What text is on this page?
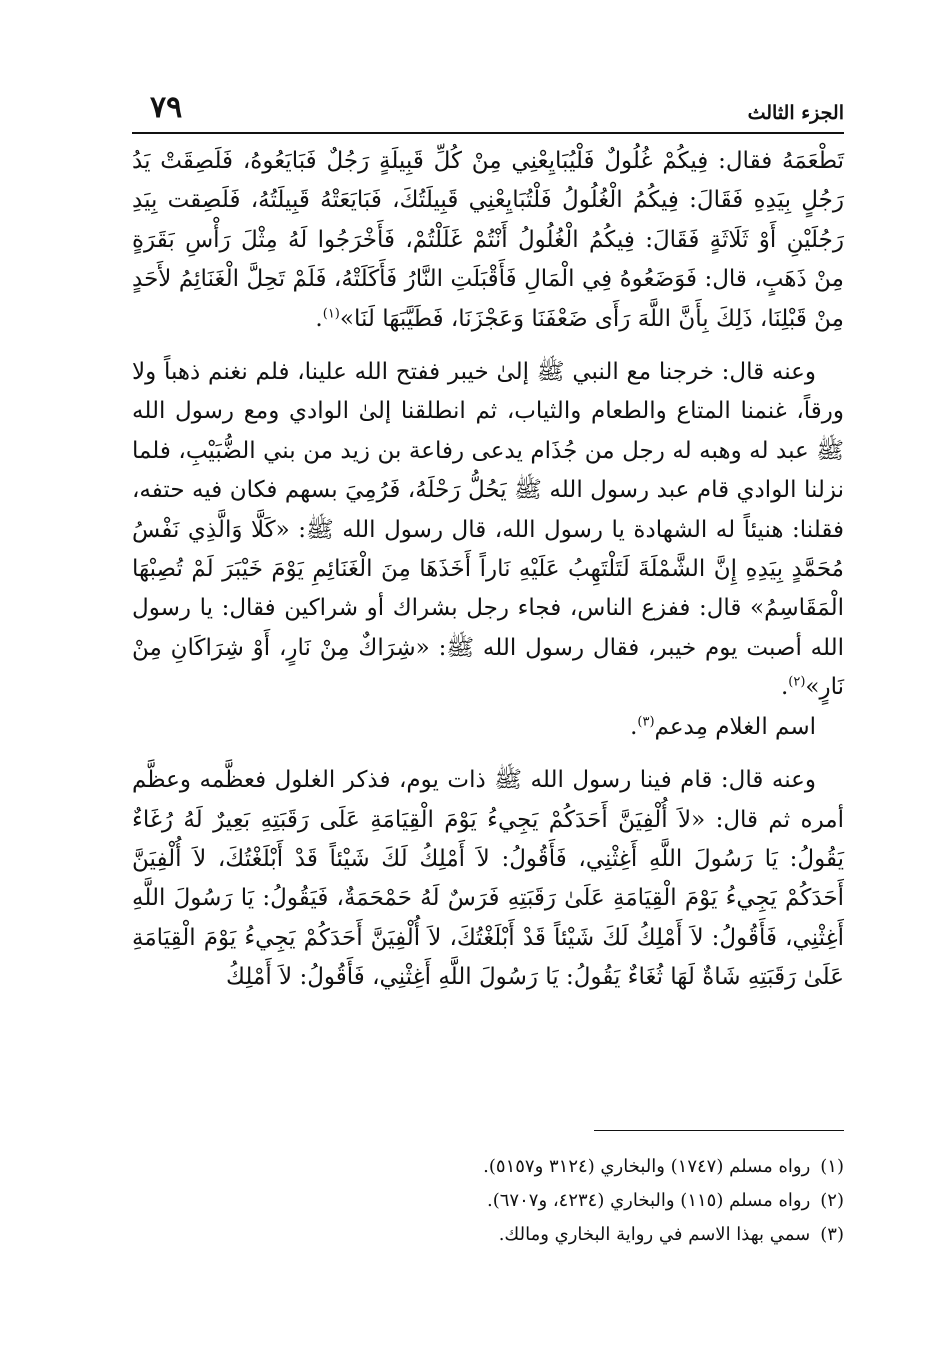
الجزء الثالث
٧٩

تَطْعَمَهُ فقال: فِيكُمْ غُلُولٌ فَلْيُبَايِعْنِي مِنْ كُلِّ قَبِيلَةٍ رَجُلٌ فَبَايَعُوهُ، فَلَصِقَتْ يَدُ رَجُلٍ بِيَدِهِ فَقَالَ: فِيكُمُ الْغُلُولُ فَلْتُبَايِعْنِي قَبِيلَتُكَ، فَبَايَعَتْهُ قَبِيلَتُهُ، فَلَصِقت بِيَدِ رَجُلَيْنِ أَوْ ثَلَاثَةٍ فَقَالَ: فِيكُمُ الْغُلُولُ أَنْتُمْ غَلَلْتُمْ، فَأَخْرَجُوا لَهُ مِثْلَ رَأْسِ بَقَرَةٍ مِنْ ذَهَبٍ، قال: فَوَضَعُوهُ فِي الْمَالِ فَأَقْبَلَتِ النَّارُ فَأَكَلَتْهُ، فَلَمْ تَحِلَّ الْغَنَائِمُ لأَحَدٍ مِنْ قَبْلِنَا، ذَلِكَ بِأَنَّ اللَّهَ رَأَى ضَعْفَنَا وَعَجْزَنَا، فَطَيَّبَهَا لَنَا»$^{(١)}$.

وعنه قال: خرجنا مع النبي ﷺ إلىٰ خيبر ففتح الله علينا، فلم نغنم ذهباً ولا ورقاً، غنمنا المتاع والطعام والثياب، ثم انطلقنا إلىٰ الوادي ومع رسول الله ﷺ عبد له وهبه له رجل من جُذَام يدعى رفاعة بن زيد من بني الضُّبَيْبِ، فلما نزلنا الوادي قام عبد رسول الله ﷺ يَحُلُّ رَحْلَهُ، فَرُمِيَ بسهم فكان فيه حتفه، فقلنا: هنيئاً له الشهادة يا رسول الله، قال رسول الله ﷺ: «كَلَّا وَالَّذِي نَفْسُ مُحَمَّدٍ بِيَدِهِ إِنَّ الشَّمْلَةَ لَتَلْتَهِبُ عَلَيْهِ نَاراً أَخَذَهَا مِنَ الْغَنَائِمِ يَوْمَ خَيْبَرَ لَمْ تُصِبْهَا الْمَقَاسِمُ» قال: ففزع الناس، فجاء رجل بشراك أو شراكين فقال: يا رسول الله أصبت يوم خيبر، فقال رسول الله ﷺ: «شِرَاكٌ مِنْ نَارٍ، أَوْ شِرَاكَانِ مِنْ نَارٍ»$^{(٢)}$.

اسم الغلام مِدعم$^{(٣)}$.

وعنه قال: قام فينا رسول الله ﷺ ذات يوم، فذكر الغلول فعظَّمه وعظَّم أمره ثم قال: «لاَ أُلْفِيَنَّ أَحَدَكُمْ يَجِيءُ يَوْمَ الْقِيَامَةِ عَلَى رَقَبَتِهِ بَعِيرٌ لَهُ رُغَاءٌ يَقُولُ: يَا رَسُولَ اللَّهِ أَغِثْنِي، فَأَقُولُ: لاَ أَمْلِكُ لَكَ شَيْئاً قَدْ أَبْلَغْتُكَ، لاَ أُلْفِيَنَّ أَحَدَكُمْ يَجِيءُ يَوْمَ الْقِيَامَةِ عَلَىٰ رَقَبَتِهِ فَرَسٌ لَهُ حَمْحَمَةٌ، فَيَقُولُ: يَا رَسُولَ اللَّهِ أَغِثْنِي، فَأَقُولُ: لاَ أَمْلِكُ لَكَ شَيْئاً قَدْ أَبْلَغْتُكَ، لاَ أُلْفِيَنَّ أَحَدَكُمْ يَجِيءُ يَوْمَ الْقِيَامَةِ عَلَىٰ رَقَبَتِهِ شَاةٌ لَهَا ثُغَاءٌ يَقُولُ: يَا رَسُولَ اللَّهِ أَغِثْنِي، فَأَقُولُ: لاَ أَمْلِكُ

(١)رواه مسلم (١٧٤٧) والبخاري (٣١٢٤ و٥١٥٧).
(٢)رواه مسلم (١١٥) والبخاري (٤٢٣٤، و٦٧٠٧).
(٣)سمي بهذا الاسم في رواية البخاري ومالك.
